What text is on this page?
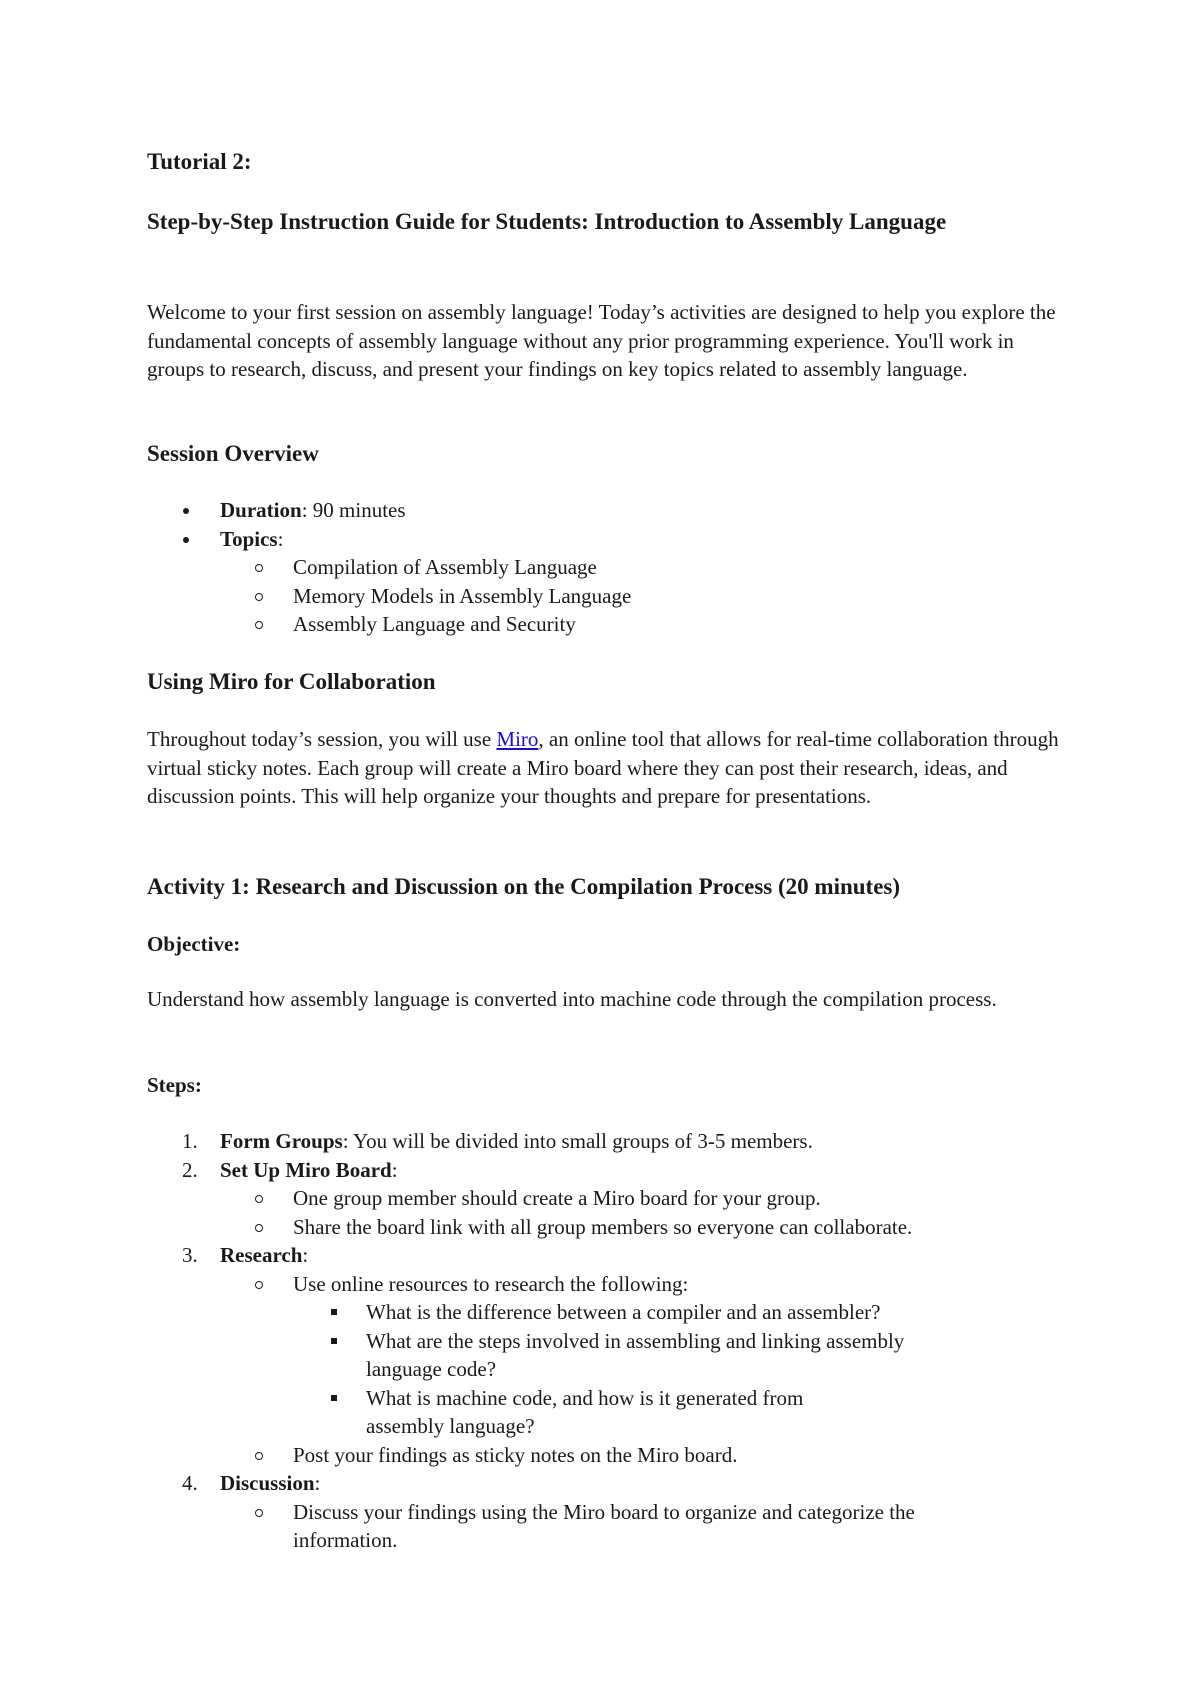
Tutorial 2:
Step-by-Step Instruction Guide for Students: Introduction to Assembly Language

Welcome to your first session on assembly language! Today’s activities are designed to help you explore the fundamental concepts of assembly language without any prior programming experience. You'll work in groups to research, discuss, and present your findings on key topics related to assembly language.

Session Overview
Duration: 90 minutes
Topics:
Compilation of Assembly Language
Memory Models in Assembly Language
Assembly Language and Security
Using Miro for Collaboration

Throughout today’s session, you will use Miro, an online tool that allows for real-time collaboration through virtual sticky notes. Each group will create a Miro board where they can post their research, ideas, and discussion points. This will help organize your thoughts and prepare for presentations.

Activity 1: Research and Discussion on the Compilation Process (20 minutes)
Objective:

Understand how assembly language is converted into machine code through the compilation process.

Steps:
1. Form Groups: You will be divided into small groups of 3-5 members.
2. Set Up Miro Board:
One group member should create a Miro board for your group.
Share the board link with all group members so everyone can collaborate.
3. Research:
Use online resources to research the following:
What is the difference between a compiler and an assembler?
What are the steps involved in assembling and linking assembly language code?
What is machine code, and how is it generated from assembly language?
Post your findings as sticky notes on the Miro board.
4. Discussion:
Discuss your findings using the Miro board to organize and categorize the information.
